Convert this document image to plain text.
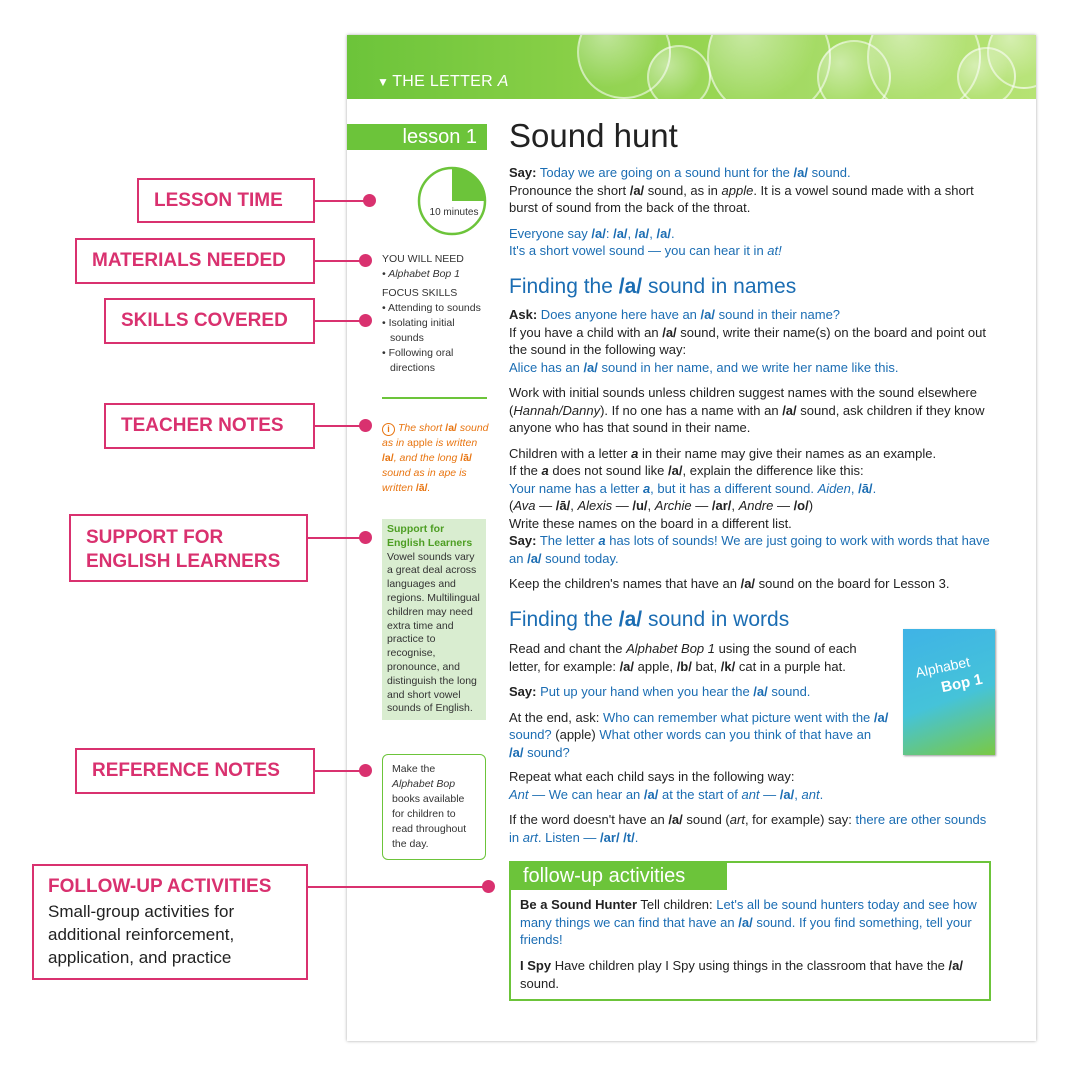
▼ THE LETTER A
lesson 1
10 minutes
YOU WILL NEED
• Alphabet Bop 1
FOCUS SKILLS
• Attending to sounds
• Isolating initial sounds
• Following oral directions
i The short /a/ sound as in apple is written /a/, and the long /ā/ sound as in ape is written /ā/.
Support for English Learners
Vowel sounds vary a great deal across languages and regions. Multilingual children may need extra time and practice to recognise, pronounce, and distinguish the long and short vowel sounds of English.
Make the Alphabet Bop books available for children to read throughout the day.
Sound hunt

Say: Today we are going on a sound hunt for the /a/ sound.

Pronounce the short /a/ sound, as in apple. It is a vowel sound made with a short burst of sound from the back of the throat.

Everyone say /a/: /a/, /a/, /a/.

It's a short vowel sound — you can hear it in at!

Finding the /a/ sound in names

Ask: Does anyone here have an /a/ sound in their name?

If you have a child with an /a/ sound, write their name(s) on the board and point out the sound in the following way:

Alice has an /a/ sound in her name, and we write her name like this.

Work with initial sounds unless children suggest names with the sound elsewhere (Hannah/Danny). If no one has a name with an /a/ sound, ask children if they know anyone who has that sound in their name.

Children with a letter a in their name may give their names as an example.

If the a does not sound like /a/, explain the difference like this:

Your name has a letter a, but it has a different sound. Aiden, /ā/.

(Ava — /ā/, Alexis — /u/, Archie — /ar/, Andre — /o/)

Write these names on the board in a different list.

Say: The letter a has lots of sounds! We are just going to work with words that have an /a/ sound today.

Keep the children's names that have an /a/ sound on the board for Lesson 3.

Finding the /a/ sound in words

Read and chant the Alphabet Bop 1 using the sound of each letter, for example: /a/ apple, /b/ bat, /k/ cat in a purple hat.

Say: Put up your hand when you hear the /a/ sound.

At the end, ask: Who can remember what picture went with the /a/ sound? (apple) What other words can you think of that have an /a/ sound?

Repeat what each child says in the following way:

Ant — We can hear an /a/ at the start of ant — /a/, ant.

If the word doesn't have an /a/ sound (art, for example) say: there are other sounds in art. Listen — /ar/ /t/.

Alphabet
Bop 1
follow-up activities
Be a Sound Hunter Tell children: Let's all be sound hunters today and see how many things we can find that have an /a/ sound. If you find something, tell your friends!
I Spy Have children play I Spy using things in the classroom that have the /a/ sound.
LESSON TIME
MATERIALS NEEDED
SKILLS COVERED
TEACHER NOTES
SUPPORT FOR
ENGLISH LEARNERS
REFERENCE NOTES
FOLLOW-UP ACTIVITIES
Small-group activities for additional reinforcement, application, and practice
